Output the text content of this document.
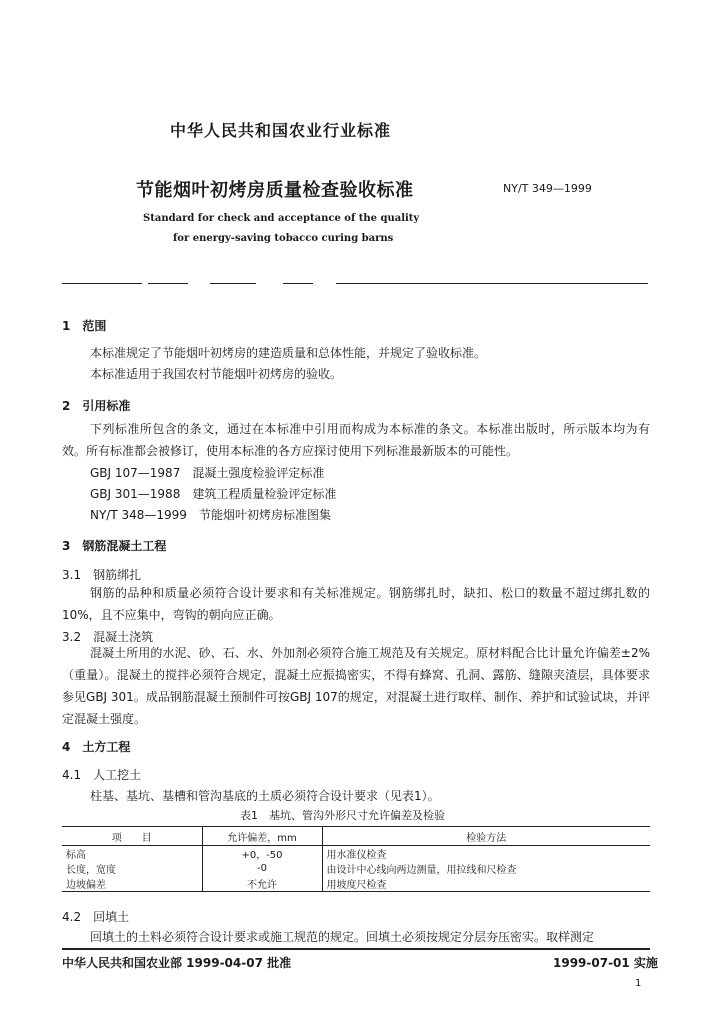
中华人民共和国农业行业标准
节能烟叶初烤房质量检查验收标准	NY/T 349—1999
Standard for check and acceptance of the quality
for energy-saving tobacco curing barns
1　范围
本标准规定了节能烟叶初烤房的建造质量和总体性能，并规定了验收标准。
本标准适用于我国农村节能烟叶初烤房的验收。
2　引用标准
下列标准所包含的条文，通过在本标准中引用而构成为本标准的条文。本标准出版时，所示版本均为有效。所有标准都会被修订，使用本标准的各方应探讨使用下列标准最新版本的可能性。
GBJ 107—1987　混凝土强度检验评定标准
GBJ 301—1988　建筑工程质量检验评定标准
NY/T 348—1999　节能烟叶初烤房标准图集
3　钢筋混凝土工程
3.1　钢筋绑扎
钢筋的品种和质量必须符合设计要求和有关标准规定。钢筋绑扎时，缺扣、松口的数量不超过绑扎数的10%，且不应集中，弯钩的朝向应正确。
3.2　混凝土浇筑
混凝土所用的水泥、砂、石、水、外加剂必须符合施工规范及有关规定。原材料配合比计量允许偏差±2%（重量）。混凝土的搅拌必须符合规定，混凝土应振捣密实，不得有蜂窝、孔洞、露筋、缝隙夹渣层，具体要求参见GBJ 301。成品钢筋混凝土预制件可按GBJ 107的规定，对混凝土进行取样、制作、养护和试验试块，并评定混凝土强度。
4　土方工程
4.1　人工挖土
柱基、基坑、基槽和管沟基底的土质必须符合设计要求（见表1）。
表1　基坑、管沟外形尺寸允许偏差及检验
项　　目	允许偏差，mm	检验方法
标高	+0，-50	用水准仪检查
长度，宽度	-0	由设计中心线向两边测量，用拉线和尺检查
边坡偏差	不允许	用坡度尺检查
4.2　回填土
回填土的土料必须符合设计要求或施工规范的规定。回填土必须按规定分层夯压密实。取样测定
中华人民共和国农业部 1999-04-07 批准	1999-07-01 实施
1
